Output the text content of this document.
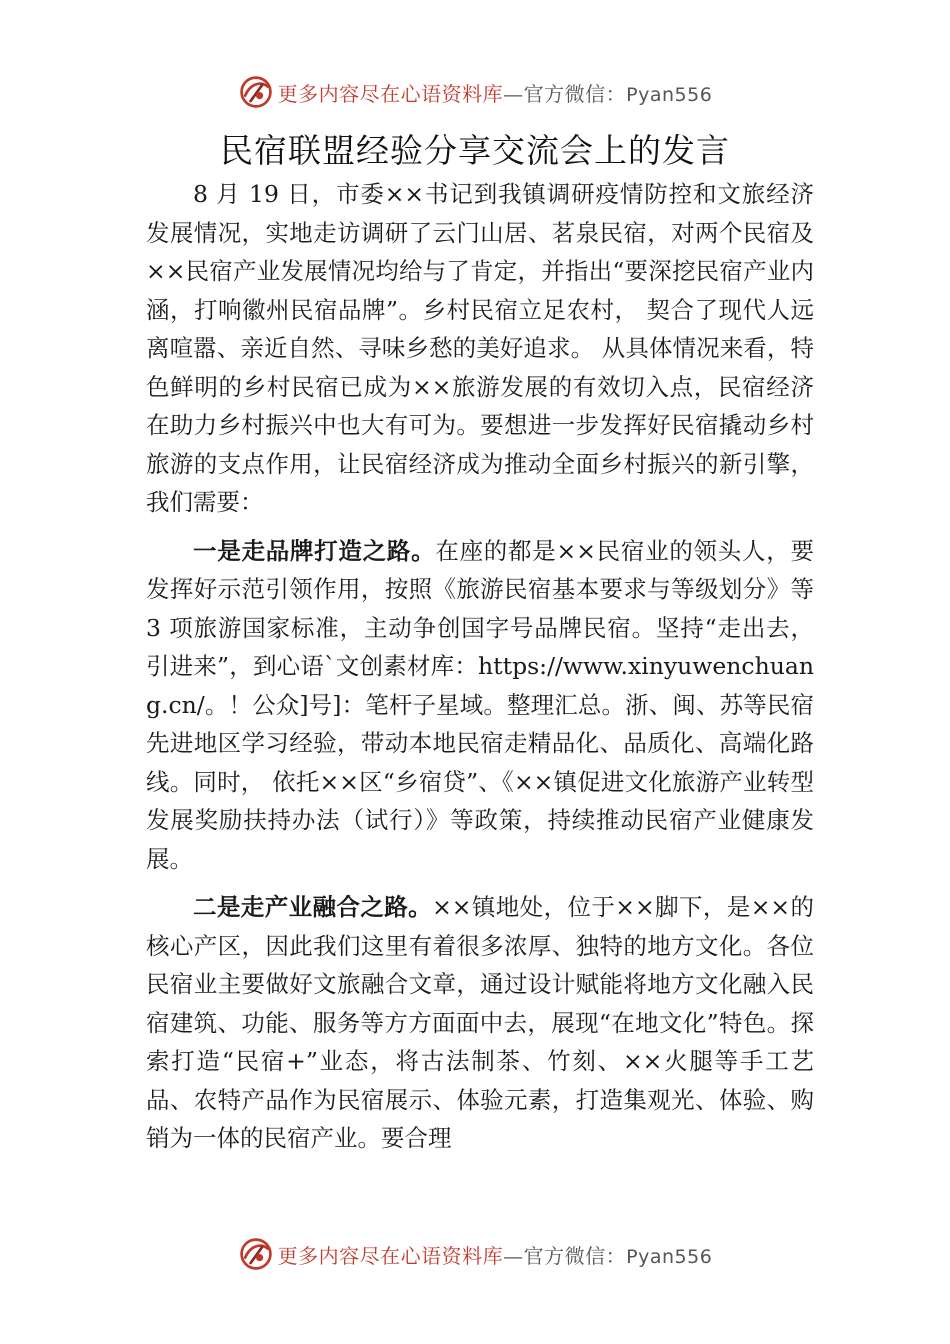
更多内容尽在心语资料库—官方微信：Pyan556
民宿联盟经验分享交流会上的发言

8 月 19 日，市委××书记到我镇调研疫情防控和文旅经济发展情况，实地走访调研了云门山居、茗泉民宿，对两个民宿及××民宿产业发展情况均给与了肯定，并指出“要深挖民宿产业内涵，打响徽州民宿品牌”。乡村民宿立足农村， 契合了现代人远离喧嚣、亲近自然、寻味乡愁的美好追求。 从具体情况来看，特色鲜明的乡村民宿已成为××旅游发展的有效切入点，民宿经济在助力乡村振兴中也大有可为。要想进一步发挥好民宿撬动乡村旅游的支点作用，让民宿经济成为推动全面乡村振兴的新引擎，我们需要：

一是走品牌打造之路。在座的都是××民宿业的领头人，要发挥好示范引领作用，按照《旅游民宿基本要求与等级划分》等 3 项旅游国家标准，主动争创国字号品牌民宿。坚持“走出去，引进来”，到心语`文创素材库：https://www.xinyuwenchuang.cn/。！公众]号]：笔杆子星域。整理汇总。浙、闽、苏等民宿先进地区学习经验，带动本地民宿走精品化、品质化、高端化路线。同时， 依托××区“乡宿贷”、《××镇促进文化旅游产业转型发展奖励扶持办法（试行）》等政策，持续推动民宿产业健康发展。

二是走产业融合之路。××镇地处，位于××脚下，是××的核心产区，因此我们这里有着很多浓厚、独特的地方文化。各位民宿业主要做好文旅融合文章，通过设计赋能将地方文化融入民宿建筑、功能、服务等方方面面中去，展现“在地文化”特色。探索打造“民宿+”业态，将古法制茶、竹刻、××火腿等手工艺品、农特产品作为民宿展示、体验元素，打造集观光、体验、购销为一体的民宿产业。要合理

更多内容尽在心语资料库—官方微信：Pyan556
